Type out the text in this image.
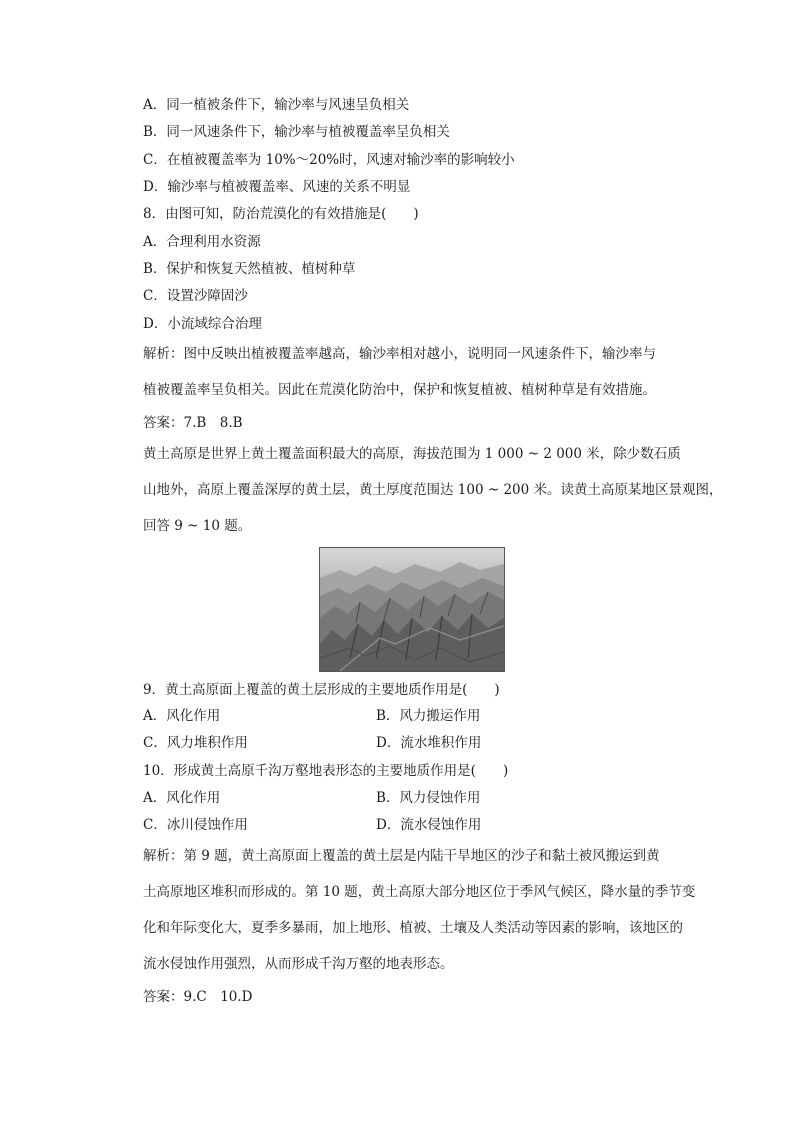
A．同一植被条件下，输沙率与风速呈负相关
B．同一风速条件下，输沙率与植被覆盖率呈负相关
C．在植被覆盖率为 10%～20%时，风速对输沙率的影响较小
D．输沙率与植被覆盖率、风速的关系不明显
8．由图可知，防治荒漠化的有效措施是(　　)
A．合理利用水资源
B．保护和恢复天然植被、植树种草
C．设置沙障固沙
D．小流域综合治理
解析：图中反映出植被覆盖率越高，输沙率相对越小，说明同一风速条件下，输沙率与
植被覆盖率呈负相关。因此在荒漠化防治中，保护和恢复植被、植树种草是有效措施。
答案：7.B　8.B
黄土高原是世界上黄土覆盖面积最大的高原，海拔范围为 1 000 ~ 2 000 米，除少数石质
山地外，高原上覆盖深厚的黄土层，黄土厚度范围达 100 ~ 200 米。读黄土高原某地区景观图，
回答 9 ~ 10 题。
9．黄土高原面上覆盖的黄土层形成的主要地质作用是(　　)
A．风化作用	B．风力搬运作用
C．风力堆积作用	D．流水堆积作用
10．形成黄土高原千沟万壑地表形态的主要地质作用是(　　)
A．风化作用	B．风力侵蚀作用
C．冰川侵蚀作用	D．流水侵蚀作用
解析：第 9 题，黄土高原面上覆盖的黄土层是内陆干旱地区的沙子和黏土被风搬运到黄
土高原地区堆积而形成的。第 10 题，黄土高原大部分地区位于季风气候区，降水量的季节变
化和年际变化大，夏季多暴雨，加上地形、植被、土壤及人类活动等因素的影响，该地区的
流水侵蚀作用强烈，从而形成千沟万壑的地表形态。
答案：9.C　10.D
